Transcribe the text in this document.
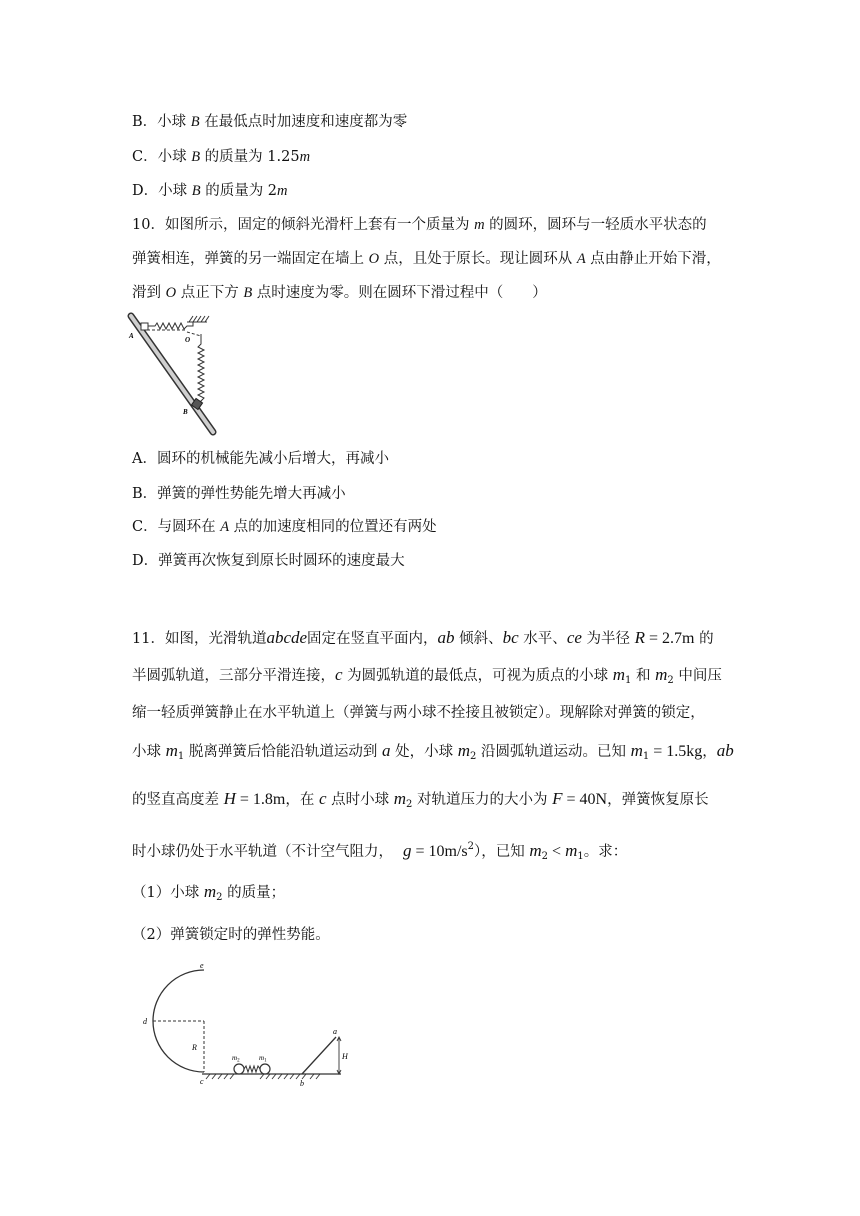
B．小球 B 在最低点时加速度和速度都为零
C．小球 B 的质量为 1.25m
D．小球 B 的质量为 2m
10．如图所示，固定的倾斜光滑杆上套有一个质量为 m 的圆环，圆环与一轻质水平状态的
弹簧相连，弹簧的另一端固定在墙上 O 点，且处于原长。现让圆环从 A 点由静止开始下滑，
滑到 O 点正下方 B 点时速度为零。则在圆环下滑过程中（　　）
A	O
B
A．圆环的机械能先减小后增大，再减小
B．弹簧的弹性势能先增大再减小
C．与圆环在 A 点的加速度相同的位置还有两处
D．弹簧再次恢复到原长时圆环的速度最大
11．如图，光滑轨道abcde固定在竖直平面内，ab 倾斜、bc 水平、ce 为半径 R = 2.7m 的
半圆弧轨道，三部分平滑连接，c 为圆弧轨道的最低点，可视为质点的小球 $m_1$ 和 $m_2$ 中间压
缩一轻质弹簧静止在水平轨道上（弹簧与两小球不拴接且被锁定）。现解除对弹簧的锁定，
小球 $m_1$ 脱离弹簧后恰能沿轨道运动到 a 处，小球 $m_2$ 沿圆弧轨道运动。已知 $m_1 = 1.5kg$，ab
的竖直高度差 H = 1.8m，在 c 点时小球 $m_2$ 对轨道压力的大小为 F = 40N，弹簧恢复原长
时小球仍处于水平轨道（不计空气阻力， $g = 10m/s^2$），已知 $m_2 < m_1$。求：
（1）小球 $m_2$ 的质量；
（2）弹簧锁定时的弹性势能。
e
d
R
$m_2$	$m_1$
a
H
c	b
